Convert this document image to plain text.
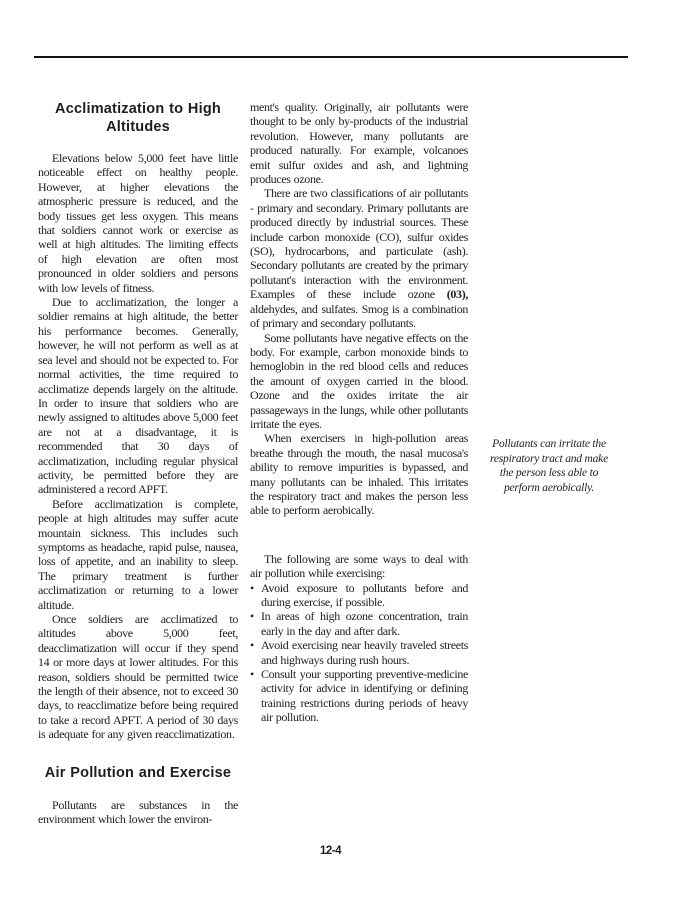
Acclimatization to High Altitudes

Elevations below 5,000 feet have little noticeable effect on healthy people. However, at higher elevations the atmospheric pressure is reduced, and the body tissues get less oxygen. This means that soldiers cannot work or exercise as well at high altitudes. The limiting effects of high elevation are often most pronounced in older soldiers and persons with low levels of fitness.

Due to acclimatization, the longer a soldier remains at high altitude, the better his performance becomes. Generally, however, he will not perform as well as at sea level and should not be expected to. For normal activities, the time required to acclimatize depends largely on the altitude. In order to insure that soldiers who are newly assigned to altitudes above 5,000 feet are not at a disadvantage, it is recommended that 30 days of acclimatization, including regular physical activity, be permitted before they are administered a record APFT.

Before acclimatization is complete, people at high altitudes may suffer acute mountain sickness. This includes such symptoms as headache, rapid pulse, nausea, loss of appetite, and an inability to sleep. The primary treatment is further acclimatization or returning to a lower altitude.

Once soldiers are acclimatized to altitudes above 5,000 feet, deacclimatization will occur if they spend 14 or more days at lower altitudes. For this reason, soldiers should be permitted twice the length of their absence, not to exceed 30 days, to reacclimatize before being required to take a record APFT. A period of 30 days is adequate for any given reacclimatization.

Air Pollution and Exercise

Pollutants are substances in the environment which lower the environ-

ment's quality. Originally, air pollutants were thought to be only by-products of the industrial revolution. However, many pollutants are produced naturally. For example, volcanoes emit sulfur oxides and ash, and lightning produces ozone.

There are two classifications of air pollutants - primary and secondary. Primary pollutants are produced directly by industrial sources. These include carbon monoxide (CO), sulfur oxides (SO), hydrocarbons, and particulate (ash). Secondary pollutants are created by the primary pollutant's interaction with the environment. Examples of these include ozone (03), aldehydes, and sulfates. Smog is a combination of primary and secondary pollutants.

Some pollutants have negative effects on the body. For example, carbon monoxide binds to hemoglobin in the red blood cells and reduces the amount of oxygen carried in the blood. Ozone and the oxides irritate the air passageways in the lungs, while other pollutants irritate the eyes.

When exercisers in high-pollution areas breathe through the mouth, the nasal mucosa's ability to remove impurities is bypassed, and many pollutants can be inhaled. This irritates the respiratory tract and makes the person less able to perform aerobically.

The following are some ways to deal with air pollution while exercising:

• Avoid exposure to pollutants before and during exercise, if possible.
• In areas of high ozone concentration, train early in the day and after dark.
• Avoid exercising near heavily traveled streets and highways during rush hours.
• Consult your supporting preventive-medicine activity for advice in identifying or defining training restrictions during periods of heavy air pollution.
Pollutants can irritate the respiratory tract and make the person less able to perform aerobically.
12-4
